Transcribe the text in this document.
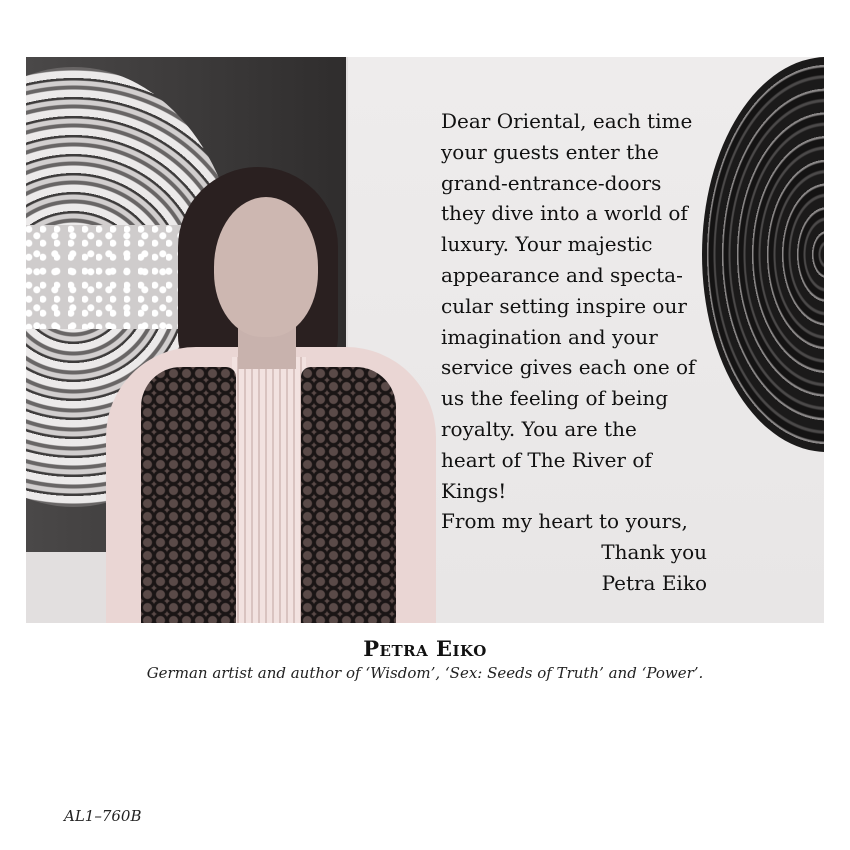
Dear Oriental, each time
your guests enter the
grand-entrance-doors
they dive into a world of
luxury. Your majestic
appearance and specta-
cular setting inspire our
imagination and your
service gives each one of
us the feeling of being
royalty. You are the
heart of The River of
Kings!
From my heart to yours,
Thank you
Petra Eiko
Petra Eiko
German artist and author of ‘Wisdom’, ‘Sex: Seeds of Truth’ and ‘Power’.
AL1–760B
